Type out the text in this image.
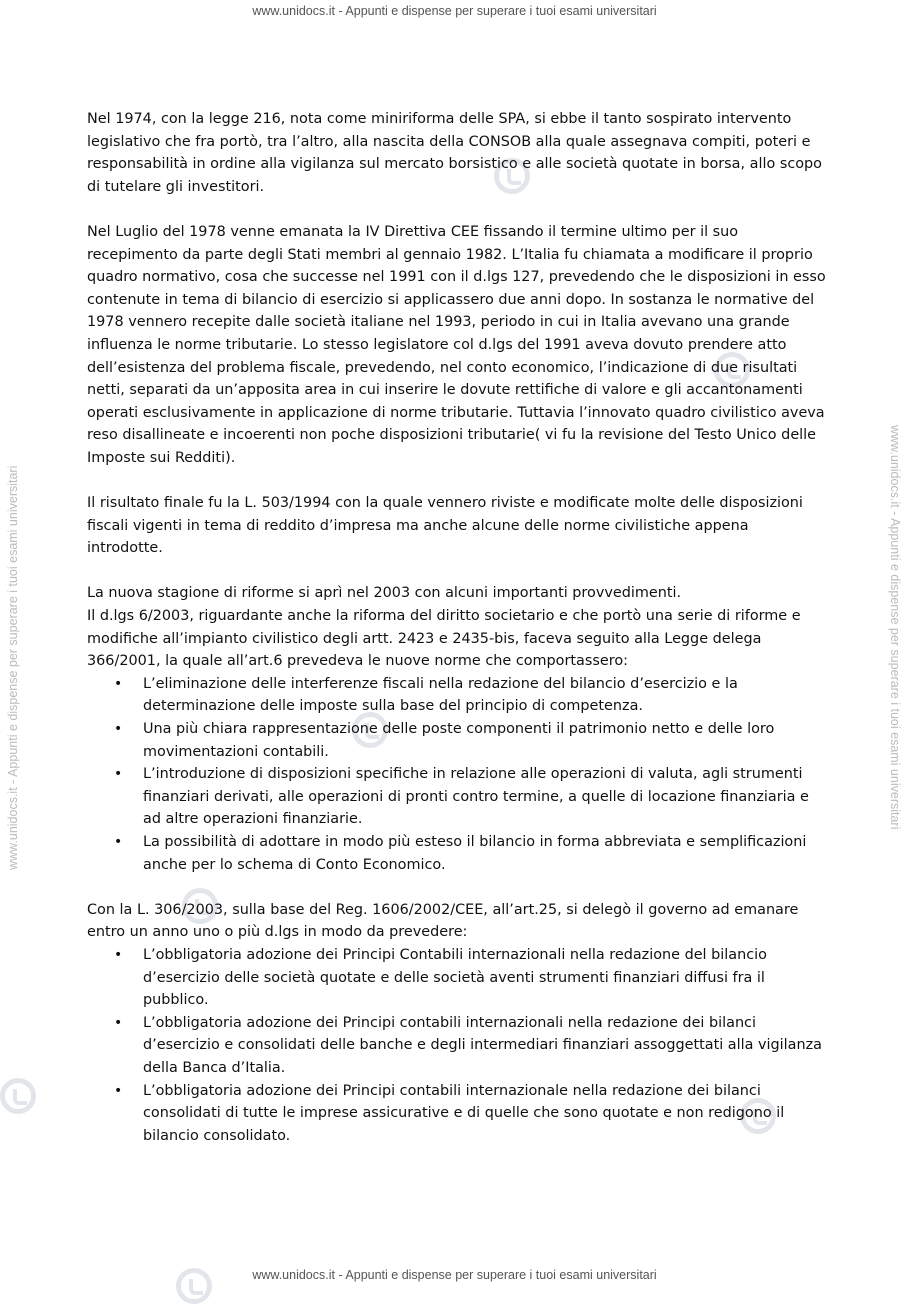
www.unidocs.it - Appunti e dispense per superare i tuoi esami universitari
www.unidocs.it - Appunti e dispense per superare i tuoi esami universitari
www.unidocs.it - Appunti e dispense per superare i tuoi esami universitari	www.unidocs.it - Appunti e dispense per superare i tuoi esami universitari

Nel 1974, con la legge 216, nota come miniriforma delle SPA, si ebbe il tanto sospirato intervento legislativo che fra portò, tra l’altro, alla nascita della CONSOB alla quale assegnava compiti, poteri e responsabilità in ordine alla vigilanza sul mercato borsistico e alle società quotate in borsa, allo scopo di tutelare gli investitori.

Nel Luglio del 1978 venne emanata la IV Direttiva CEE fissando il termine ultimo per il suo recepimento da parte degli Stati membri al gennaio 1982. L’Italia fu chiamata a modificare il proprio quadro normativo, cosa che successe nel 1991 con il d.lgs 127, prevedendo che le disposizioni in esso contenute in tema di bilancio di esercizio si applicassero due anni dopo. In sostanza le normative del 1978 vennero recepite dalle società italiane nel 1993, periodo in cui in Italia avevano una grande influenza le norme tributarie. Lo stesso legislatore col d.lgs del 1991 aveva dovuto prendere atto dell’esistenza del problema fiscale, prevedendo, nel conto economico, l’indicazione di due risultati netti, separati da un’apposita area in cui inserire le dovute rettifiche di valore e gli accantonamenti operati esclusivamente in applicazione di norme tributarie. Tuttavia l’innovato quadro civilistico aveva reso disallineate e incoerenti non poche disposizioni tributarie( vi fu la revisione del Testo Unico delle Imposte sui Redditi).

Il risultato finale fu la L. 503/1994 con la quale vennero riviste e modificate molte delle disposizioni fiscali vigenti in tema di reddito d’impresa ma anche alcune delle norme civilistiche appena introdotte.

La nuova stagione di riforme si aprì nel 2003 con alcuni importanti provvedimenti.

Il d.lgs 6/2003, riguardante anche la riforma del diritto societario e che portò una serie di riforme e modifiche all’impianto civilistico degli artt. 2423 e 2435-bis, faceva seguito alla Legge delega 366/2001, la quale all’art.6 prevedeva le nuove norme che comportassero:

• L’eliminazione delle interferenze fiscali nella redazione del bilancio d’esercizio e la determinazione delle imposte sulla base del principio di competenza.
• Una più chiara rappresentazione delle poste componenti il patrimonio netto e delle loro movimentazioni contabili.
• L’introduzione di disposizioni specifiche in relazione alle operazioni di valuta, agli strumenti finanziari derivati, alle operazioni di pronti contro termine, a quelle di locazione finanziaria e ad altre operazioni finanziarie.
• La possibilità di adottare in modo più esteso il bilancio in forma abbreviata e semplificazioni anche per lo schema di Conto Economico.

Con la L. 306/2003, sulla base del Reg. 1606/2002/CEE, all’art.25, si delegò il governo ad emanare entro un anno uno o più d.lgs in modo da prevedere:

• L’obbligatoria adozione dei Principi Contabili internazionali nella redazione del bilancio d’esercizio delle società quotate e delle società aventi strumenti finanziari diffusi fra il pubblico.
• L’obbligatoria adozione dei Principi contabili internazionali nella redazione dei bilanci d’esercizio e consolidati delle banche e degli intermediari finanziari assoggettati alla vigilanza della Banca d’Italia.
• L’obbligatoria adozione dei Principi contabili internazionale nella redazione dei bilanci consolidati di tutte le imprese assicurative e di quelle che sono quotate e non redigono il bilancio consolidato.
